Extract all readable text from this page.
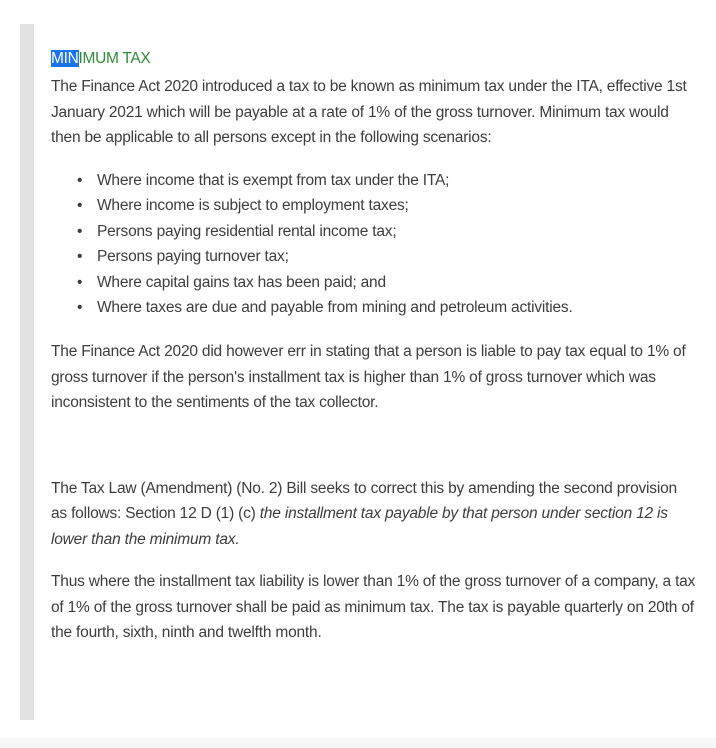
MINIMUM TAX

The Finance Act 2020 introduced a tax to be known as minimum tax under the ITA, effective 1st January 2021 which will be payable at a rate of 1% of the gross turnover. Minimum tax would then be applicable to all persons except in the following scenarios:

• Where income that is exempt from tax under the ITA;
• Where income is subject to employment taxes;
• Persons paying residential rental income tax;
• Persons paying turnover tax;
• Where capital gains tax has been paid; and
• Where taxes are due and payable from mining and petroleum activities.

The Finance Act 2020 did however err in stating that a person is liable to pay tax equal to 1% of gross turnover if the person's installment tax is higher than 1% of gross turnover which was inconsistent to the sentiments of the tax collector.

The Tax Law (Amendment) (No. 2) Bill seeks to correct this by amending the second provision as follows: Section 12 D (1) (c) the installment tax payable by that person under section 12 is lower than the minimum tax.

Thus where the installment tax liability is lower than 1% of the gross turnover of a company, a tax of 1% of the gross turnover shall be paid as minimum tax. The tax is payable quarterly on 20th of the fourth, sixth, ninth and twelfth month.
